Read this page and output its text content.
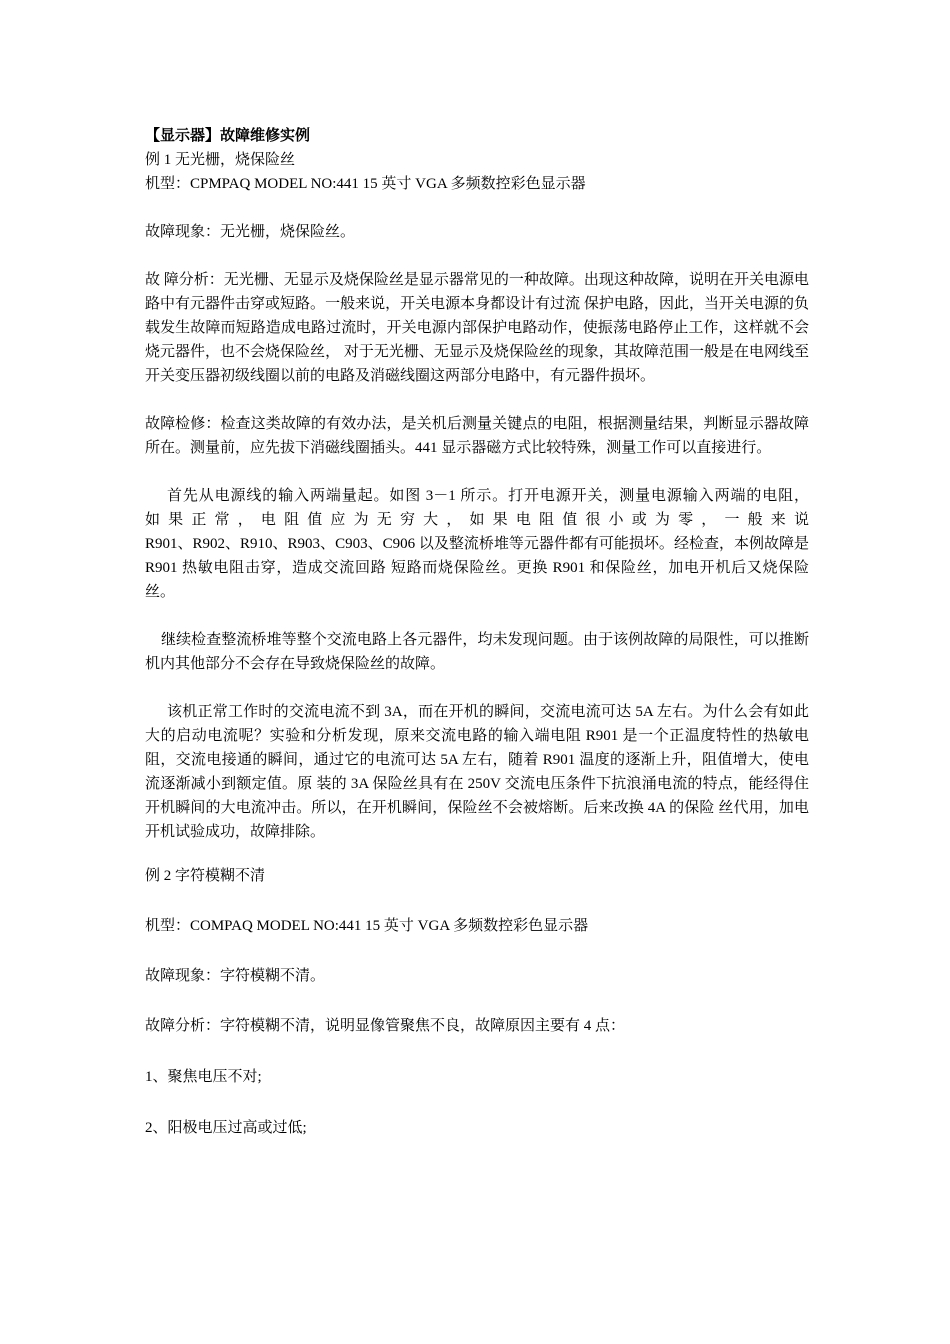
【显示器】故障维修实例

例 1 无光栅，烧保险丝

机型：CPMPAQ MODEL NO:441 15 英寸 VGA 多频数控彩色显示器

故障现象：无光栅，烧保险丝。

故 障分析：无光栅、无显示及烧保险丝是显示器常见的一种故障。出现这种故障，说明在开关电源电路中有元器件击穿或短路。一般来说，开关电源本身都设计有过流 保护电路，因此，当开关电源的负载发生故障而短路造成电路过流时，开关电源内部保护电路动作，使振荡电路停止工作，这样就不会烧元器件，也不会烧保险丝， 对于无光栅、无显示及烧保险丝的现象，其故障范围一般是在电网线至开关变压器初级线圈以前的电路及消磁线圈这两部分电路中，有元器件损坏。

故障检修：检查这类故障的有效办法，是关机后测量关键点的电阻，根据测量结果，判断显示器故障所在。测量前，应先拔下消磁线圈插头。441 显示器磁方式比较特殊，测量工作可以直接进行。

首先从电源线的输入两端量起。如图 3－1 所示。打开电源开关，测量电源输入两端的电阻，
如 果 正 常 ， 电 阻 值 应 为 无 穷 大 ， 如 果 电 阻 值 很 小 或 为 零 ， 一 般 来 说

R901、R902、R910、R903、C903、C906 以及整流桥堆等元器件都有可能损坏。经检查，本例故障是 R901 热敏电阻击穿，造成交流回路 短路而烧保险丝。更换 R901 和保险丝，加电开机后又烧保险丝。

继续检查整流桥堆等整个交流电路上各元器件，均未发现问题。由于该例故障的局限性，可以推断机内其他部分不会存在导致烧保险丝的故障。

该机正常工作时的交流电流不到 3A，而在开机的瞬间，交流电流可达 5A 左右。为什么会有如此大的启动电流呢？实验和分析发现，原来交流电路的输入端电阻 R901 是一个正温度特性的热敏电阻，交流电接通的瞬间，通过它的电流可达 5A 左右，随着 R901 温度的逐渐上升，阻值增大，使电流逐渐减小到额定值。原 装的 3A 保险丝具有在 250V 交流电压条件下抗浪涌电流的特点，能经得住开机瞬间的大电流冲击。所以，在开机瞬间，保险丝不会被熔断。后来改换 4A 的保险 丝代用，加电开机试验成功，故障排除。

例 2 字符模糊不清

机型：COMPAQ MODEL NO:441 15 英寸 VGA 多频数控彩色显示器

故障现象：字符模糊不清。

故障分析：字符模糊不清，说明显像管聚焦不良，故障原因主要有 4 点：

1、聚焦电压不对;

2、阳极电压过高或过低;
